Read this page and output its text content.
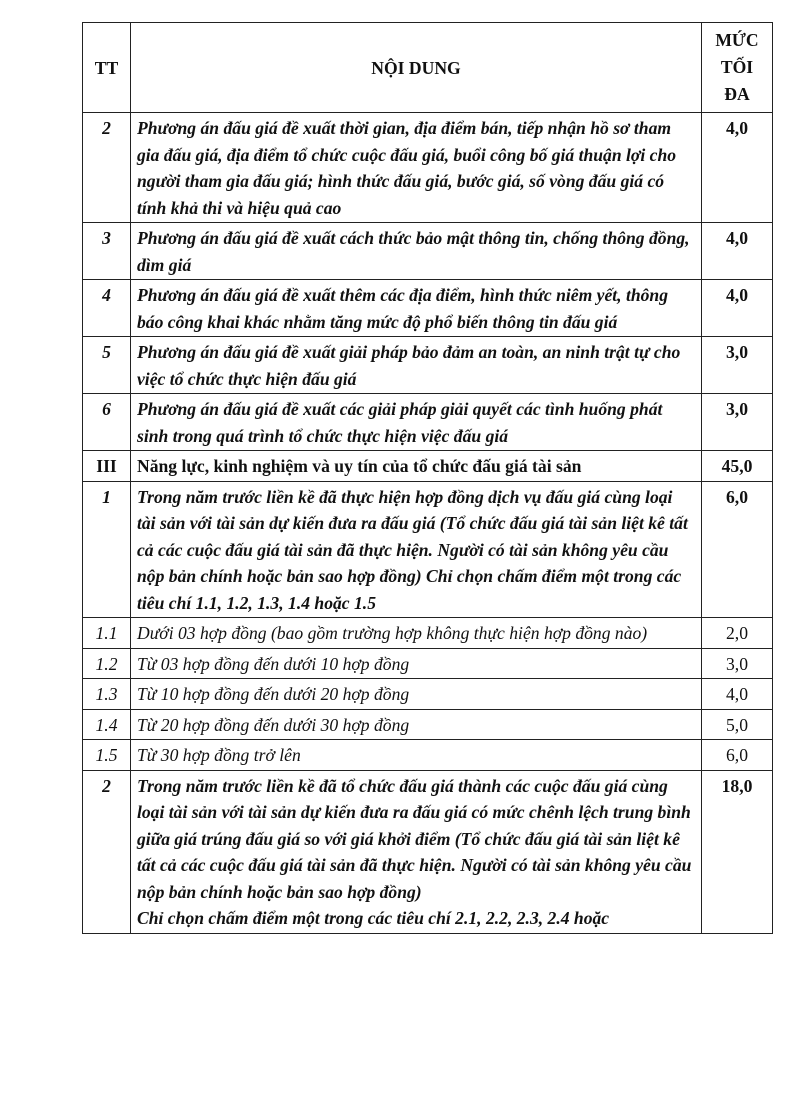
TT	NỘI DUNG	MỨC
TỐI
ĐA

2	Phương án đấu giá đề xuất thời gian, địa điểm bán, tiếp nhận hồ sơ tham gia đấu giá, địa điểm tổ chức cuộc đấu giá, buổi công bố giá thuận lợi cho người tham gia đấu giá; hình thức đấu giá, bước giá, số vòng đấu giá có tính khả thi và hiệu quả cao	4,0
3	Phương án đấu giá đề xuất cách thức bảo mật thông tin, chống thông đồng, dìm giá	4,0
4	Phương án đấu giá đề xuất thêm các địa điểm, hình thức niêm yết, thông báo công khai khác nhằm tăng mức độ phổ biến thông tin đấu giá	4,0
5	Phương án đấu giá đề xuất giải pháp bảo đảm an toàn, an ninh trật tự cho việc tổ chức thực hiện đấu giá	3,0
6	Phương án đấu giá đề xuất các giải pháp giải quyết các tình huống phát sinh trong quá trình tổ chức thực hiện việc đấu giá	3,0
III	Năng lực, kinh nghiệm và uy tín của tổ chức đấu giá tài sản	45,0
1	Trong năm trước liền kề đã thực hiện hợp đồng dịch vụ đấu giá cùng loại tài sản với tài sản dự kiến đưa ra đấu giá (Tổ chức đấu giá tài sản liệt kê tất cả các cuộc đấu giá tài sản đã thực hiện. Người có tài sản không yêu cầu nộp bản chính hoặc bản sao hợp đồng) Chỉ chọn chấm điểm một trong các tiêu chí 1.1, 1.2, 1.3, 1.4 hoặc 1.5	6,0
1.1	Dưới 03 hợp đồng (bao gồm trường hợp không thực hiện hợp đồng nào)	2,0
1.2	Từ 03 hợp đồng đến dưới 10 hợp đồng	3,0
1.3	Từ 10 hợp đồng đến dưới 20 hợp đồng	4,0
1.4	Từ 20 hợp đồng đến dưới 30 hợp đồng	5,0
1.5	Từ 30 hợp đồng trở lên	6,0
2	Trong năm trước liền kề đã tổ chức đấu giá thành các cuộc đấu giá cùng loại tài sản với tài sản dự kiến đưa ra đấu giá có mức chênh lệch trung bình giữa giá trúng đấu giá so với giá khởi điểm (Tổ chức đấu giá tài sản liệt kê tất cả các cuộc đấu giá tài sản đã thực hiện. Người có tài sản không yêu cầu nộp bản chính hoặc bản sao hợp đồng)
Chỉ chọn chấm điểm một trong các tiêu chí 2.1, 2.2, 2.3, 2.4 hoặc	18,0
